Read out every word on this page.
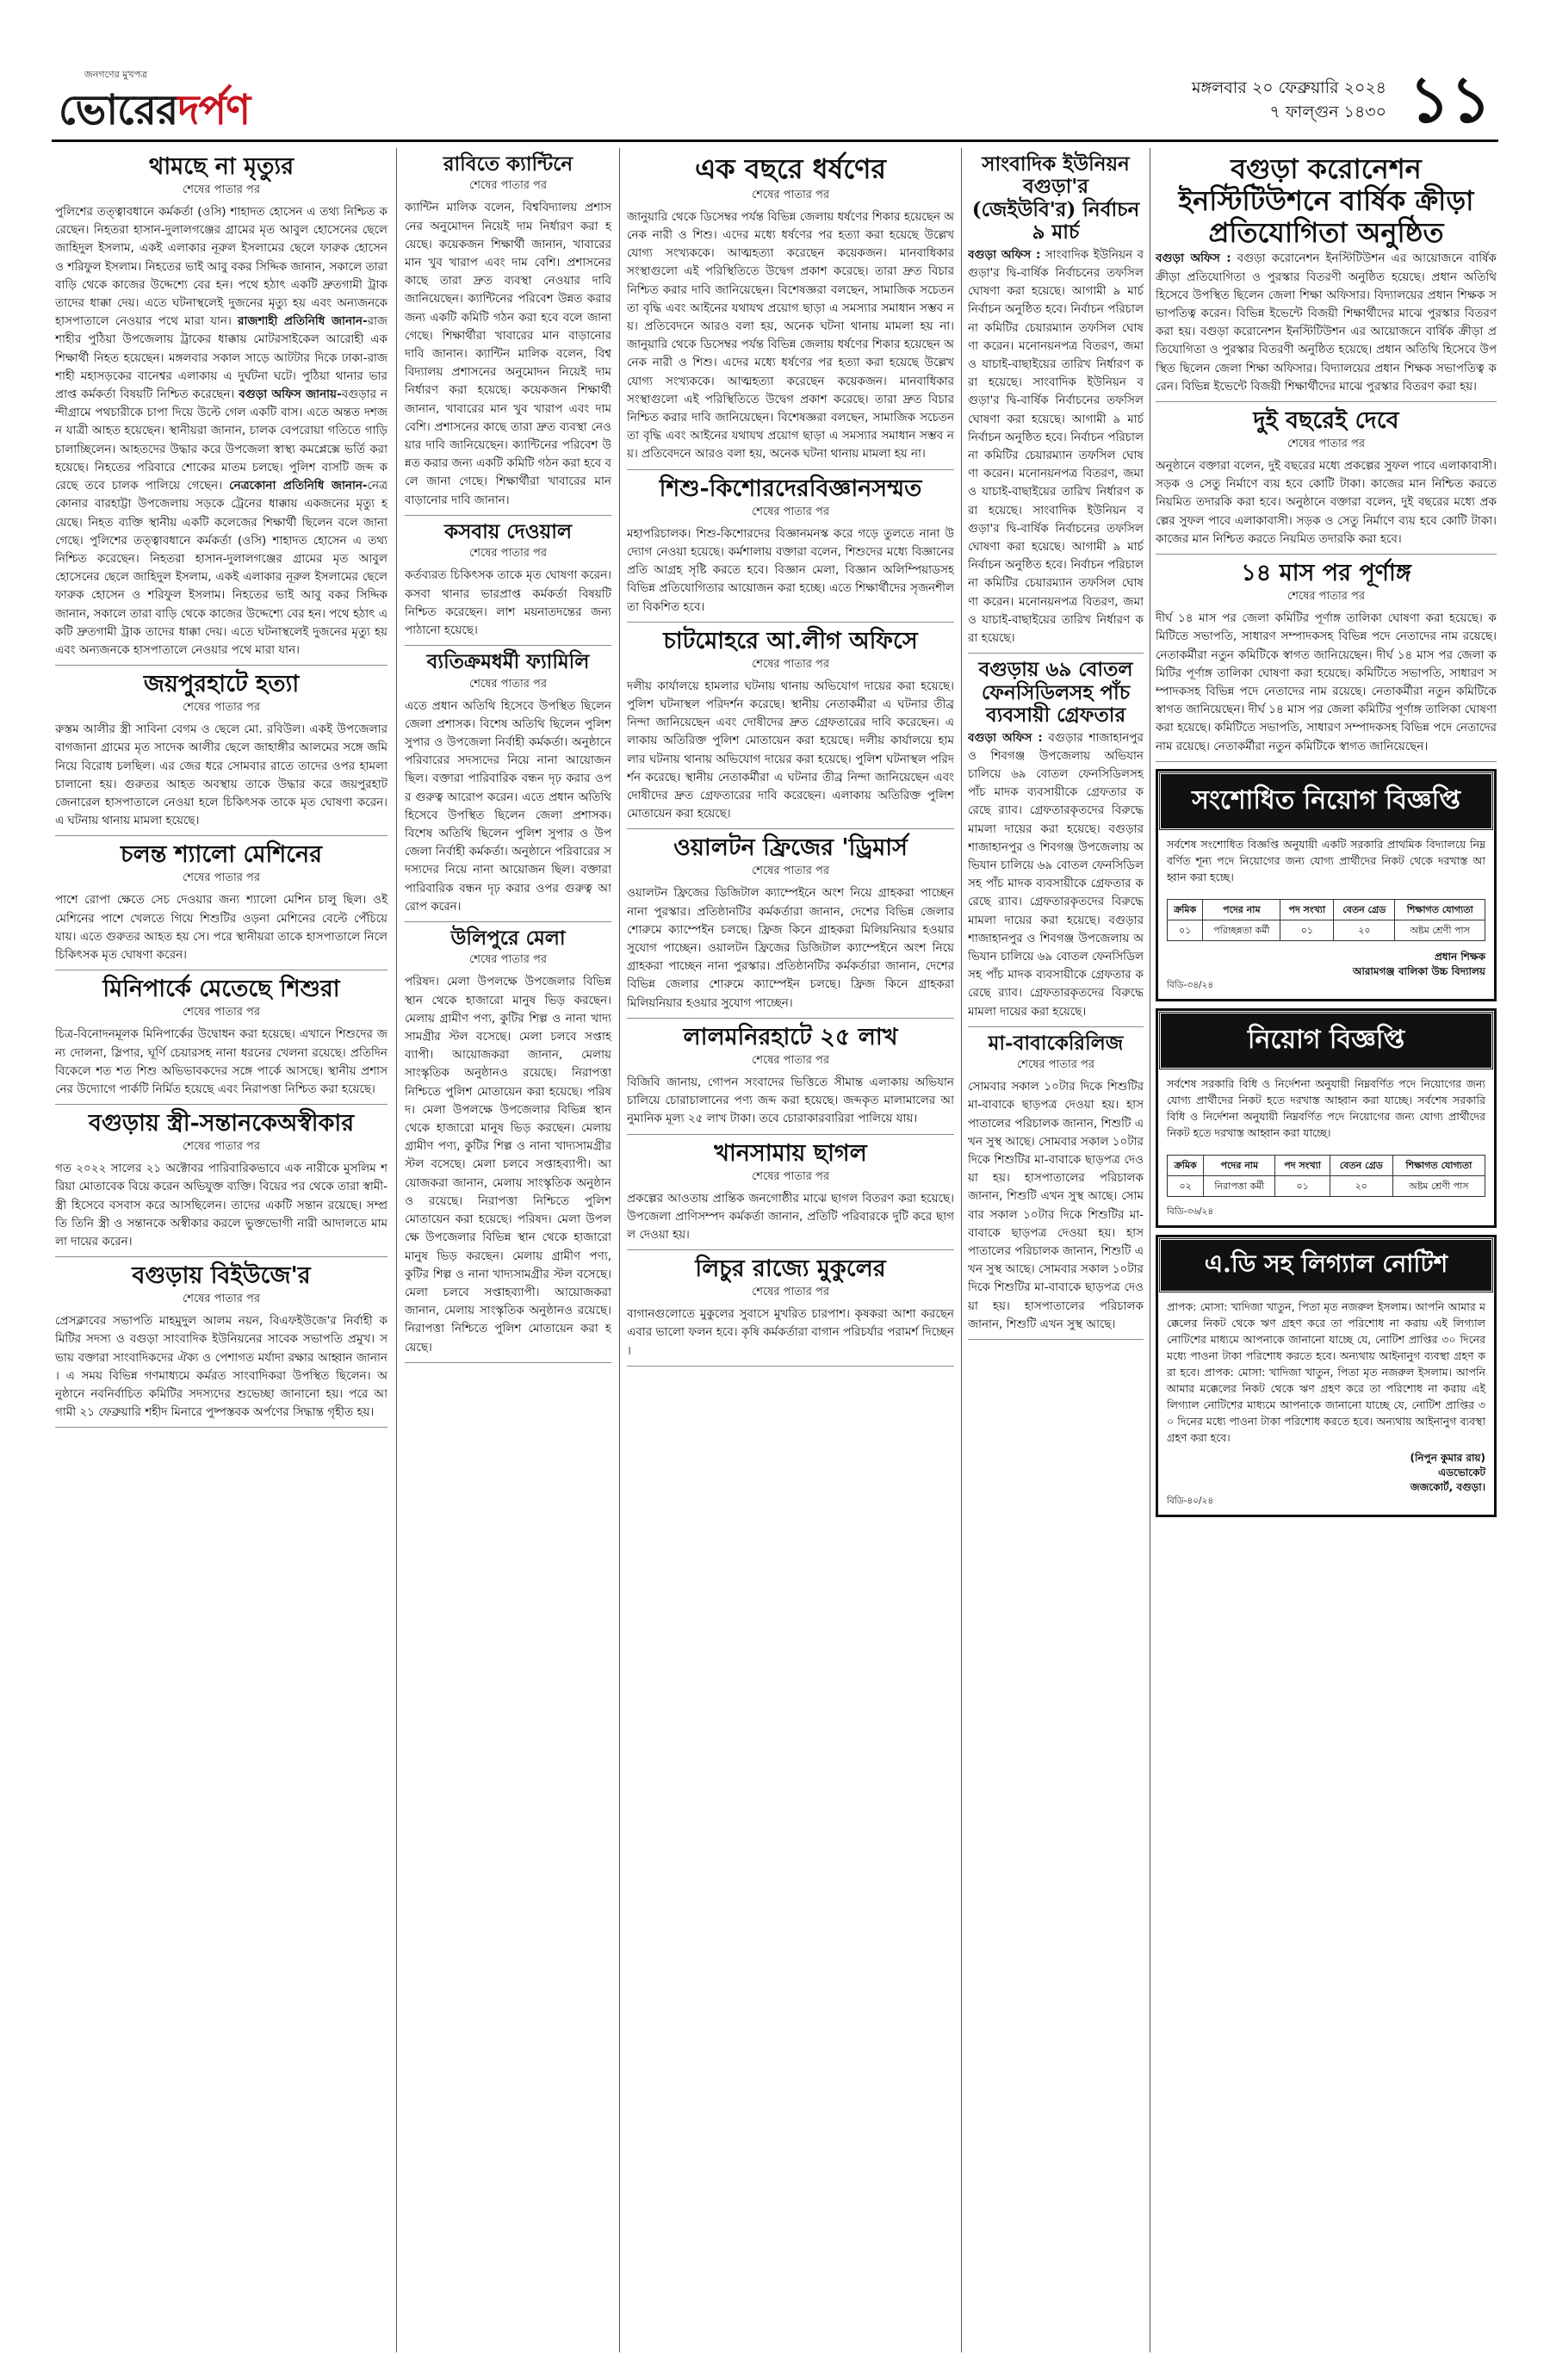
জনগণের মুখপত্র
ভোরেরদর্পণ	মঙ্গলবার ২০ ফেব্রুয়ারি ২০২৪
৭ ফাল্গুন ১৪৩০ ১১
থামছে না মৃত্যুর
শেষের পাতার পর
পুলিশের তত্ত্বাবধানে কর্মকর্তা (ওসি) শাহাদত হোসেন এ তথ্য নিশ্চিত করেছেন। নিহতরা হাসান-দুলালগঞ্জের গ্রামের মৃত আবুল হোসেনের ছেলে জাহিদুল ইসলাম, একই এলাকার নূরুল ইসলামের ছেলে ফারুক হোসেন ও শরিফুল ইসলাম। নিহতের ভাই আবু বকর সিদ্দিক জানান, সকালে তারা বাড়ি থেকে কাজের উদ্দেশ্যে বের হন। পথে হঠাৎ একটি দ্রুতগামী ট্রাক তাদের ধাক্কা দেয়। এতে ঘটনাস্থলেই দুজনের মৃত্যু হয় এবং অন্যজনকে হাসপাতালে নেওয়ার পথে মারা যান। রাজশাহী প্রতিনিধি জানান-রাজশাহীর পুঠিয়া উপজেলায় ট্রাকের ধাক্কায় মোটরসাইকেল আরোহী এক শিক্ষার্থী নিহত হয়েছেন। মঙ্গলবার সকাল সাড়ে আটটার দিকে ঢাকা-রাজশাহী মহাসড়কের বানেশ্বর এলাকায় এ দুর্ঘটনা ঘটে। পুঠিয়া থানার ভারপ্রাপ্ত কর্মকর্তা বিষয়টি নিশ্চিত করেছেন। বগুড়া অফিস জানায়-বগুড়ার নন্দীগ্রামে পথচারীকে চাপা দিয়ে উল্টে গেল একটি বাস। এতে অন্তত দশজন যাত্রী আহত হয়েছেন। স্থানীয়রা জানান, চালক বেপরোয়া গতিতে গাড়ি চালাচ্ছিলেন। আহতদের উদ্ধার করে উপজেলা স্বাস্থ্য কমপ্লেক্সে ভর্তি করা হয়েছে। নিহতের পরিবারে শোকের মাতম চলছে। পুলিশ বাসটি জব্দ করেছে তবে চালক পালিয়ে গেছেন। নেত্রকোনা প্রতিনিধি জানান-নেত্রকোনার বারহাট্টা উপজেলায় সড়কে ট্রেনের ধাক্কায় একজনের মৃত্যু হয়েছে। নিহত ব্যক্তি স্থানীয় একটি কলেজের শিক্ষার্থী ছিলেন বলে জানা গেছে। পুলিশের তত্ত্বাবধানে কর্মকর্তা (ওসি) শাহাদত হোসেন এ তথ্য নিশ্চিত করেছেন। নিহতরা হাসান-দুলালগঞ্জের গ্রামের মৃত আবুল হোসেনের ছেলে জাহিদুল ইসলাম, একই এলাকার নূরুল ইসলামের ছেলে ফারুক হোসেন ও শরিফুল ইসলাম। নিহতের ভাই আবু বকর সিদ্দিক জানান, সকালে তারা বাড়ি থেকে কাজের উদ্দেশ্যে বের হন। পথে হঠাৎ একটি দ্রুতগামী ট্রাক তাদের ধাক্কা দেয়। এতে ঘটনাস্থলেই দুজনের মৃত্যু হয় এবং অন্যজনকে হাসপাতালে নেওয়ার পথে মারা যান।
জয়পুরহাটে হত্যা
শেষের পাতার পর
রুস্তম আলীর স্ত্রী সাবিনা বেগম ও ছেলে মো. রবিউল। একই উপজেলার বাগজানা গ্রামের মৃত সাদেক আলীর ছেলে জাহাঙ্গীর আলমের সঙ্গে জমি নিয়ে বিরোধ চলছিল। এর জের ধরে সোমবার রাতে তাদের ওপর হামলা চালানো হয়। গুরুতর আহত অবস্থায় তাকে উদ্ধার করে জয়পুরহাট জেনারেল হাসপাতালে নেওয়া হলে চিকিৎসক তাকে মৃত ঘোষণা করেন। এ ঘটনায় থানায় মামলা হয়েছে।
চলন্ত শ্যালো মেশিনের
শেষের পাতার পর
পাশে রোপা ক্ষেতে সেচ দেওয়ার জন্য শ্যালো মেশিন চালু ছিল। ওই মেশিনের পাশে খেলতে গিয়ে শিশুটির ওড়না মেশিনের বেল্টে পেঁচিয়ে যায়। এতে গুরুতর আহত হয় সে। পরে স্থানীয়রা তাকে হাসপাতালে নিলে চিকিৎসক মৃত ঘোষণা করেন।
মিনিপার্কে মেতেছে শিশুরা
শেষের পাতার পর
চিত্র-বিনোদনমূলক মিনিপার্কের উদ্বোধন করা হয়েছে। এখানে শিশুদের জন্য দোলনা, স্লিপার, ঘূর্ণি চেয়ারসহ নানা ধরনের খেলনা রয়েছে। প্রতিদিন বিকেলে শত শত শিশু অভিভাবকদের সঙ্গে পার্কে আসছে। স্থানীয় প্রশাসনের উদ্যোগে পার্কটি নির্মিত হয়েছে এবং নিরাপত্তা নিশ্চিত করা হয়েছে।
বগুড়ায় স্ত্রী-সন্তানকেঅস্বীকার
শেষের পাতার পর
গত ২০২২ সালের ২১ অক্টোবর পারিবারিকভাবে এক নারীকে মুসলিম শরিয়া মোতাবেক বিয়ে করেন অভিযুক্ত ব্যক্তি। বিয়ের পর থেকে তারা স্বামী-স্ত্রী হিসেবে বসবাস করে আসছিলেন। তাদের একটি সন্তান রয়েছে। সম্প্রতি তিনি স্ত্রী ও সন্তানকে অস্বীকার করলে ভুক্তভোগী নারী আদালতে মামলা দায়ের করেন।
বগুড়ায় বিইউজে'র
শেষের পাতার পর
প্রেসক্লাবের সভাপতি মাহমুদুল আলম নয়ন, বিএফইউজে'র নির্বাহী কমিটির সদস্য ও বগুড়া সাংবাদিক ইউনিয়নের সাবেক সভাপতি প্রমুখ। সভায় বক্তারা সাংবাদিকদের ঐক্য ও পেশাগত মর্যাদা রক্ষার আহ্বান জানান। এ সময় বিভিন্ন গণমাধ্যমে কর্মরত সাংবাদিকরা উপস্থিত ছিলেন। অনুষ্ঠানে নবনির্বাচিত কমিটির সদস্যদের শুভেচ্ছা জানানো হয়। পরে আগামী ২১ ফেব্রুয়ারি শহীদ মিনারে পুষ্পস্তবক অর্পণের সিদ্ধান্ত গৃহীত হয়।
রাবিতে ক্যান্টিনে
শেষের পাতার পর
ক্যান্টিন মালিক বলেন, বিশ্ববিদ্যালয় প্রশাসনের অনুমোদন নিয়েই দাম নির্ধারণ করা হয়েছে। কয়েকজন শিক্ষার্থী জানান, খাবারের মান খুব খারাপ এবং দাম বেশি। প্রশাসনের কাছে তারা দ্রুত ব্যবস্থা নেওয়ার দাবি জানিয়েছেন। ক্যান্টিনের পরিবেশ উন্নত করার জন্য একটি কমিটি গঠন করা হবে বলে জানা গেছে। শিক্ষার্থীরা খাবারের মান বাড়ানোর দাবি জানান। ক্যান্টিন মালিক বলেন, বিশ্ববিদ্যালয় প্রশাসনের অনুমোদন নিয়েই দাম নির্ধারণ করা হয়েছে। কয়েকজন শিক্ষার্থী জানান, খাবারের মান খুব খারাপ এবং দাম বেশি। প্রশাসনের কাছে তারা দ্রুত ব্যবস্থা নেওয়ার দাবি জানিয়েছেন। ক্যান্টিনের পরিবেশ উন্নত করার জন্য একটি কমিটি গঠন করা হবে বলে জানা গেছে। শিক্ষার্থীরা খাবারের মান বাড়ানোর দাবি জানান।
কসবায় দেওয়াল
শেষের পাতার পর
কর্তব্যরত চিকিৎসক তাকে মৃত ঘোষণা করেন। কসবা থানার ভারপ্রাপ্ত কর্মকর্তা বিষয়টি নিশ্চিত করেছেন। লাশ ময়নাতদন্তের জন্য পাঠানো হয়েছে।
ব্যতিক্রমধর্মী ফ্যামিলি
শেষের পাতার পর
এতে প্রধান অতিথি হিসেবে উপস্থিত ছিলেন জেলা প্রশাসক। বিশেষ অতিথি ছিলেন পুলিশ সুপার ও উপজেলা নির্বাহী কর্মকর্তা। অনুষ্ঠানে পরিবারের সদস্যদের নিয়ে নানা আয়োজন ছিল। বক্তারা পারিবারিক বন্ধন দৃঢ় করার ওপর গুরুত্ব আরোপ করেন। এতে প্রধান অতিথি হিসেবে উপস্থিত ছিলেন জেলা প্রশাসক। বিশেষ অতিথি ছিলেন পুলিশ সুপার ও উপজেলা নির্বাহী কর্মকর্তা। অনুষ্ঠানে পরিবারের সদস্যদের নিয়ে নানা আয়োজন ছিল। বক্তারা পারিবারিক বন্ধন দৃঢ় করার ওপর গুরুত্ব আরোপ করেন।
উলিপুরে মেলা
শেষের পাতার পর
পরিষদ। মেলা উপলক্ষে উপজেলার বিভিন্ন স্থান থেকে হাজারো মানুষ ভিড় করছেন। মেলায় গ্রামীণ পণ্য, কুটির শিল্প ও নানা খাদ্যসামগ্রীর স্টল বসেছে। মেলা চলবে সপ্তাহব্যাপী। আয়োজকরা জানান, মেলায় সাংস্কৃতিক অনুষ্ঠানও রয়েছে। নিরাপত্তা নিশ্চিতে পুলিশ মোতায়েন করা হয়েছে। পরিষদ। মেলা উপলক্ষে উপজেলার বিভিন্ন স্থান থেকে হাজারো মানুষ ভিড় করছেন। মেলায় গ্রামীণ পণ্য, কুটির শিল্প ও নানা খাদ্যসামগ্রীর স্টল বসেছে। মেলা চলবে সপ্তাহব্যাপী। আয়োজকরা জানান, মেলায় সাংস্কৃতিক অনুষ্ঠানও রয়েছে। নিরাপত্তা নিশ্চিতে পুলিশ মোতায়েন করা হয়েছে। পরিষদ। মেলা উপলক্ষে উপজেলার বিভিন্ন স্থান থেকে হাজারো মানুষ ভিড় করছেন। মেলায় গ্রামীণ পণ্য, কুটির শিল্প ও নানা খাদ্যসামগ্রীর স্টল বসেছে। মেলা চলবে সপ্তাহব্যাপী। আয়োজকরা জানান, মেলায় সাংস্কৃতিক অনুষ্ঠানও রয়েছে। নিরাপত্তা নিশ্চিতে পুলিশ মোতায়েন করা হয়েছে।
এক বছরে ধর্ষণের
শেষের পাতার পর
জানুয়ারি থেকে ডিসেম্বর পর্যন্ত বিভিন্ন জেলায় ধর্ষণের শিকার হয়েছেন অনেক নারী ও শিশু। এদের মধ্যে ধর্ষণের পর হত্যা করা হয়েছে উল্লেখযোগ্য সংখ্যককে। আত্মহত্যা করেছেন কয়েকজন। মানবাধিকার সংস্থাগুলো এই পরিস্থিতিতে উদ্বেগ প্রকাশ করেছে। তারা দ্রুত বিচার নিশ্চিত করার দাবি জানিয়েছেন। বিশেষজ্ঞরা বলছেন, সামাজিক সচেতনতা বৃদ্ধি এবং আইনের যথাযথ প্রয়োগ ছাড়া এ সমস্যার সমাধান সম্ভব নয়। প্রতিবেদনে আরও বলা হয়, অনেক ঘটনা থানায় মামলা হয় না। জানুয়ারি থেকে ডিসেম্বর পর্যন্ত বিভিন্ন জেলায় ধর্ষণের শিকার হয়েছেন অনেক নারী ও শিশু। এদের মধ্যে ধর্ষণের পর হত্যা করা হয়েছে উল্লেখযোগ্য সংখ্যককে। আত্মহত্যা করেছেন কয়েকজন। মানবাধিকার সংস্থাগুলো এই পরিস্থিতিতে উদ্বেগ প্রকাশ করেছে। তারা দ্রুত বিচার নিশ্চিত করার দাবি জানিয়েছেন। বিশেষজ্ঞরা বলছেন, সামাজিক সচেতনতা বৃদ্ধি এবং আইনের যথাযথ প্রয়োগ ছাড়া এ সমস্যার সমাধান সম্ভব নয়। প্রতিবেদনে আরও বলা হয়, অনেক ঘটনা থানায় মামলা হয় না।
শিশু-কিশোরদেরবিজ্ঞানসম্মত
শেষের পাতার পর
মহাপরিচালক। শিশু-কিশোরদের বিজ্ঞানমনস্ক করে গড়ে তুলতে নানা উদ্যোগ নেওয়া হয়েছে। কর্মশালায় বক্তারা বলেন, শিশুদের মধ্যে বিজ্ঞানের প্রতি আগ্রহ সৃষ্টি করতে হবে। বিজ্ঞান মেলা, বিজ্ঞান অলিম্পিয়াডসহ বিভিন্ন প্রতিযোগিতার আয়োজন করা হচ্ছে। এতে শিক্ষার্থীদের সৃজনশীলতা বিকশিত হবে।
চাটমোহরে আ.লীগ অফিসে
শেষের পাতার পর
দলীয় কার্যালয়ে হামলার ঘটনায় থানায় অভিযোগ দায়ের করা হয়েছে। পুলিশ ঘটনাস্থল পরিদর্শন করেছে। স্থানীয় নেতাকর্মীরা এ ঘটনার তীব্র নিন্দা জানিয়েছেন এবং দোষীদের দ্রুত গ্রেফতারের দাবি করেছেন। এলাকায় অতিরিক্ত পুলিশ মোতায়েন করা হয়েছে। দলীয় কার্যালয়ে হামলার ঘটনায় থানায় অভিযোগ দায়ের করা হয়েছে। পুলিশ ঘটনাস্থল পরিদর্শন করেছে। স্থানীয় নেতাকর্মীরা এ ঘটনার তীব্র নিন্দা জানিয়েছেন এবং দোষীদের দ্রুত গ্রেফতারের দাবি করেছেন। এলাকায় অতিরিক্ত পুলিশ মোতায়েন করা হয়েছে।
ওয়ালটন ফ্রিজের 'ড্রিমার্স
শেষের পাতার পর
ওয়ালটন ফ্রিজের ডিজিটাল ক্যাম্পেইনে অংশ নিয়ে গ্রাহকরা পাচ্ছেন নানা পুরস্কার। প্রতিষ্ঠানটির কর্মকর্তারা জানান, দেশের বিভিন্ন জেলার শোরুমে ক্যাম্পেইন চলছে। ফ্রিজ কিনে গ্রাহকরা মিলিয়নিয়ার হওয়ার সুযোগ পাচ্ছেন। ওয়ালটন ফ্রিজের ডিজিটাল ক্যাম্পেইনে অংশ নিয়ে গ্রাহকরা পাচ্ছেন নানা পুরস্কার। প্রতিষ্ঠানটির কর্মকর্তারা জানান, দেশের বিভিন্ন জেলার শোরুমে ক্যাম্পেইন চলছে। ফ্রিজ কিনে গ্রাহকরা মিলিয়নিয়ার হওয়ার সুযোগ পাচ্ছেন।
লালমনিরহাটে ২৫ লাখ
শেষের পাতার পর
বিজিবি জানায়, গোপন সংবাদের ভিত্তিতে সীমান্ত এলাকায় অভিযান চালিয়ে চোরাচালানের পণ্য জব্দ করা হয়েছে। জব্দকৃত মালামালের আনুমানিক মূল্য ২৫ লাখ টাকা। তবে চোরাকারবারিরা পালিয়ে যায়।
খানসামায় ছাগল
শেষের পাতার পর
প্রকল্পের আওতায় প্রান্তিক জনগোষ্ঠীর মাঝে ছাগল বিতরণ করা হয়েছে। উপজেলা প্রাণিসম্পদ কর্মকর্তা জানান, প্রতিটি পরিবারকে দুটি করে ছাগল দেওয়া হয়।
লিচুর রাজ্যে মুকুলের
শেষের পাতার পর
বাগানগুলোতে মুকুলের সুবাসে মুখরিত চারপাশ। কৃষকরা আশা করছেন এবার ভালো ফলন হবে। কৃষি কর্মকর্তারা বাগান পরিচর্যার পরামর্শ দিচ্ছেন।
সাংবাদিক ইউনিয়ন বগুড়া'র (জেইউবি'র) নির্বাচন ৯ মার্চ
বগুড়া অফিস : সাংবাদিক ইউনিয়ন বগুড়া'র দ্বি-বার্ষিক নির্বাচনের তফসিল ঘোষণা করা হয়েছে। আগামী ৯ মার্চ নির্বাচন অনুষ্ঠিত হবে। নির্বাচন পরিচালনা কমিটির চেয়ারম্যান তফসিল ঘোষণা করেন। মনোনয়নপত্র বিতরণ, জমা ও যাচাই-বাছাইয়ের তারিখ নির্ধারণ করা হয়েছে। সাংবাদিক ইউনিয়ন বগুড়া'র দ্বি-বার্ষিক নির্বাচনের তফসিল ঘোষণা করা হয়েছে। আগামী ৯ মার্চ নির্বাচন অনুষ্ঠিত হবে। নির্বাচন পরিচালনা কমিটির চেয়ারম্যান তফসিল ঘোষণা করেন। মনোনয়নপত্র বিতরণ, জমা ও যাচাই-বাছাইয়ের তারিখ নির্ধারণ করা হয়েছে। সাংবাদিক ইউনিয়ন বগুড়া'র দ্বি-বার্ষিক নির্বাচনের তফসিল ঘোষণা করা হয়েছে। আগামী ৯ মার্চ নির্বাচন অনুষ্ঠিত হবে। নির্বাচন পরিচালনা কমিটির চেয়ারম্যান তফসিল ঘোষণা করেন। মনোনয়নপত্র বিতরণ, জমা ও যাচাই-বাছাইয়ের তারিখ নির্ধারণ করা হয়েছে।
বগুড়ায় ৬৯ বোতল ফেনসিডিলসহ পাঁচ ব্যবসায়ী গ্রেফতার
বগুড়া অফিস : বগুড়ার শাজাহানপুর ও শিবগঞ্জ উপজেলায় অভিযান চালিয়ে ৬৯ বোতল ফেনসিডিলসহ পাঁচ মাদক ব্যবসায়ীকে গ্রেফতার করেছে র‍্যাব। গ্রেফতারকৃতদের বিরুদ্ধে মামলা দায়ের করা হয়েছে। বগুড়ার শাজাহানপুর ও শিবগঞ্জ উপজেলায় অভিযান চালিয়ে ৬৯ বোতল ফেনসিডিলসহ পাঁচ মাদক ব্যবসায়ীকে গ্রেফতার করেছে র‍্যাব। গ্রেফতারকৃতদের বিরুদ্ধে মামলা দায়ের করা হয়েছে। বগুড়ার শাজাহানপুর ও শিবগঞ্জ উপজেলায় অভিযান চালিয়ে ৬৯ বোতল ফেনসিডিলসহ পাঁচ মাদক ব্যবসায়ীকে গ্রেফতার করেছে র‍্যাব। গ্রেফতারকৃতদের বিরুদ্ধে মামলা দায়ের করা হয়েছে।
মা-বাবাকেরিলিজ
শেষের পাতার পর
সোমবার সকাল ১০টার দিকে শিশুটির মা-বাবাকে ছাড়পত্র দেওয়া হয়। হাসপাতালের পরিচালক জানান, শিশুটি এখন সুস্থ আছে। সোমবার সকাল ১০টার দিকে শিশুটির মা-বাবাকে ছাড়পত্র দেওয়া হয়। হাসপাতালের পরিচালক জানান, শিশুটি এখন সুস্থ আছে। সোমবার সকাল ১০টার দিকে শিশুটির মা-বাবাকে ছাড়পত্র দেওয়া হয়। হাসপাতালের পরিচালক জানান, শিশুটি এখন সুস্থ আছে। সোমবার সকাল ১০টার দিকে শিশুটির মা-বাবাকে ছাড়পত্র দেওয়া হয়। হাসপাতালের পরিচালক জানান, শিশুটি এখন সুস্থ আছে।
বগুড়া করোনেশন ইনস্টিটিউশনে বার্ষিক ক্রীড়া প্রতিযোগিতা অনুষ্ঠিত
বগুড়া অফিস : বগুড়া করোনেশন ইনস্টিটিউশন এর আয়োজনে বার্ষিক ক্রীড়া প্রতিযোগিতা ও পুরস্কার বিতরণী অনুষ্ঠিত হয়েছে। প্রধান অতিথি হিসেবে উপস্থিত ছিলেন জেলা শিক্ষা অফিসার। বিদ্যালয়ের প্রধান শিক্ষক সভাপতিত্ব করেন। বিভিন্ন ইভেন্টে বিজয়ী শিক্ষার্থীদের মাঝে পুরস্কার বিতরণ করা হয়। বগুড়া করোনেশন ইনস্টিটিউশন এর আয়োজনে বার্ষিক ক্রীড়া প্রতিযোগিতা ও পুরস্কার বিতরণী অনুষ্ঠিত হয়েছে। প্রধান অতিথি হিসেবে উপস্থিত ছিলেন জেলা শিক্ষা অফিসার। বিদ্যালয়ের প্রধান শিক্ষক সভাপতিত্ব করেন। বিভিন্ন ইভেন্টে বিজয়ী শিক্ষার্থীদের মাঝে পুরস্কার বিতরণ করা হয়।
দুই বছরেই দেবে
শেষের পাতার পর
অনুষ্ঠানে বক্তারা বলেন, দুই বছরের মধ্যে প্রকল্পের সুফল পাবে এলাকাবাসী। সড়ক ও সেতু নির্মাণে ব্যয় হবে কোটি টাকা। কাজের মান নিশ্চিত করতে নিয়মিত তদারকি করা হবে। অনুষ্ঠানে বক্তারা বলেন, দুই বছরের মধ্যে প্রকল্পের সুফল পাবে এলাকাবাসী। সড়ক ও সেতু নির্মাণে ব্যয় হবে কোটি টাকা। কাজের মান নিশ্চিত করতে নিয়মিত তদারকি করা হবে।
১৪ মাস পর পূর্ণাঙ্গ
শেষের পাতার পর
দীর্ঘ ১৪ মাস পর জেলা কমিটির পূর্ণাঙ্গ তালিকা ঘোষণা করা হয়েছে। কমিটিতে সভাপতি, সাধারণ সম্পাদকসহ বিভিন্ন পদে নেতাদের নাম রয়েছে। নেতাকর্মীরা নতুন কমিটিকে স্বাগত জানিয়েছেন। দীর্ঘ ১৪ মাস পর জেলা কমিটির পূর্ণাঙ্গ তালিকা ঘোষণা করা হয়েছে। কমিটিতে সভাপতি, সাধারণ সম্পাদকসহ বিভিন্ন পদে নেতাদের নাম রয়েছে। নেতাকর্মীরা নতুন কমিটিকে স্বাগত জানিয়েছেন। দীর্ঘ ১৪ মাস পর জেলা কমিটির পূর্ণাঙ্গ তালিকা ঘোষণা করা হয়েছে। কমিটিতে সভাপতি, সাধারণ সম্পাদকসহ বিভিন্ন পদে নেতাদের নাম রয়েছে। নেতাকর্মীরা নতুন কমিটিকে স্বাগত জানিয়েছেন।
সংশোধিত নিয়োগ বিজ্ঞপ্তি
সর্বশেষ সংশোধিত বিজ্ঞপ্তি অনুযায়ী একটি সরকারি প্রাথমিক বিদ্যালয়ে নিম্নবর্ণিত শূন্য পদে নিয়োগের জন্য যোগ্য প্রার্থীদের নিকট থেকে দরখাস্ত আহ্বান করা হচ্ছে।
ক্রমিক	পদের নাম	পদ সংখ্যা	বেতন গ্রেড	শিক্ষাগত যোগ্যতা
০১	পরিচ্ছন্নতা কর্মী	০১	২০	অষ্টম শ্রেণী পাস
প্রধান শিক্ষক
আরামগঞ্জ বালিকা উচ্চ বিদ্যালয়
বিডি-৩৪/২৪
নিয়োগ বিজ্ঞপ্তি
সর্বশেষ সরকারি বিধি ও নির্দেশনা অনুযায়ী নিম্নবর্ণিত পদে নিয়োগের জন্য যোগ্য প্রার্থীদের নিকট হতে দরখাস্ত আহ্বান করা যাচ্ছে। সর্বশেষ সরকারি বিধি ও নির্দেশনা অনুযায়ী নিম্নবর্ণিত পদে নিয়োগের জন্য যোগ্য প্রার্থীদের নিকট হতে দরখাস্ত আহ্বান করা যাচ্ছে।
ক্রমিক	পদের নাম	পদ সংখ্যা	বেতন গ্রেড	শিক্ষাগত যোগ্যতা
০২	নিরাপত্তা কর্মী	০১	২০	অষ্টম শ্রেণী পাস
বিডি-৩৬/২৪
এ.ডি সহ লিগ্যাল নোটিশ
প্রাপক: মোসা: খাদিজা খাতুন, পিতা মৃত নজরুল ইসলাম। আপনি আমার মক্কেলের নিকট থেকে ঋণ গ্রহণ করে তা পরিশোধ না করায় এই লিগ্যাল নোটিশের মাধ্যমে আপনাকে জানানো যাচ্ছে যে, নোটিশ প্রাপ্তির ৩০ দিনের মধ্যে পাওনা টাকা পরিশোধ করতে হবে। অন্যথায় আইনানুগ ব্যবস্থা গ্রহণ করা হবে। প্রাপক: মোসা: খাদিজা খাতুন, পিতা মৃত নজরুল ইসলাম। আপনি আমার মক্কেলের নিকট থেকে ঋণ গ্রহণ করে তা পরিশোধ না করায় এই লিগ্যাল নোটিশের মাধ্যমে আপনাকে জানানো যাচ্ছে যে, নোটিশ প্রাপ্তির ৩০ দিনের মধ্যে পাওনা টাকা পরিশোধ করতে হবে। অন্যথায় আইনানুগ ব্যবস্থা গ্রহণ করা হবে।
(নিপুন কুমার রায়)
এডভোকেট
জজকোর্ট, বগুড়া।
বিডি-৪০/২৪
